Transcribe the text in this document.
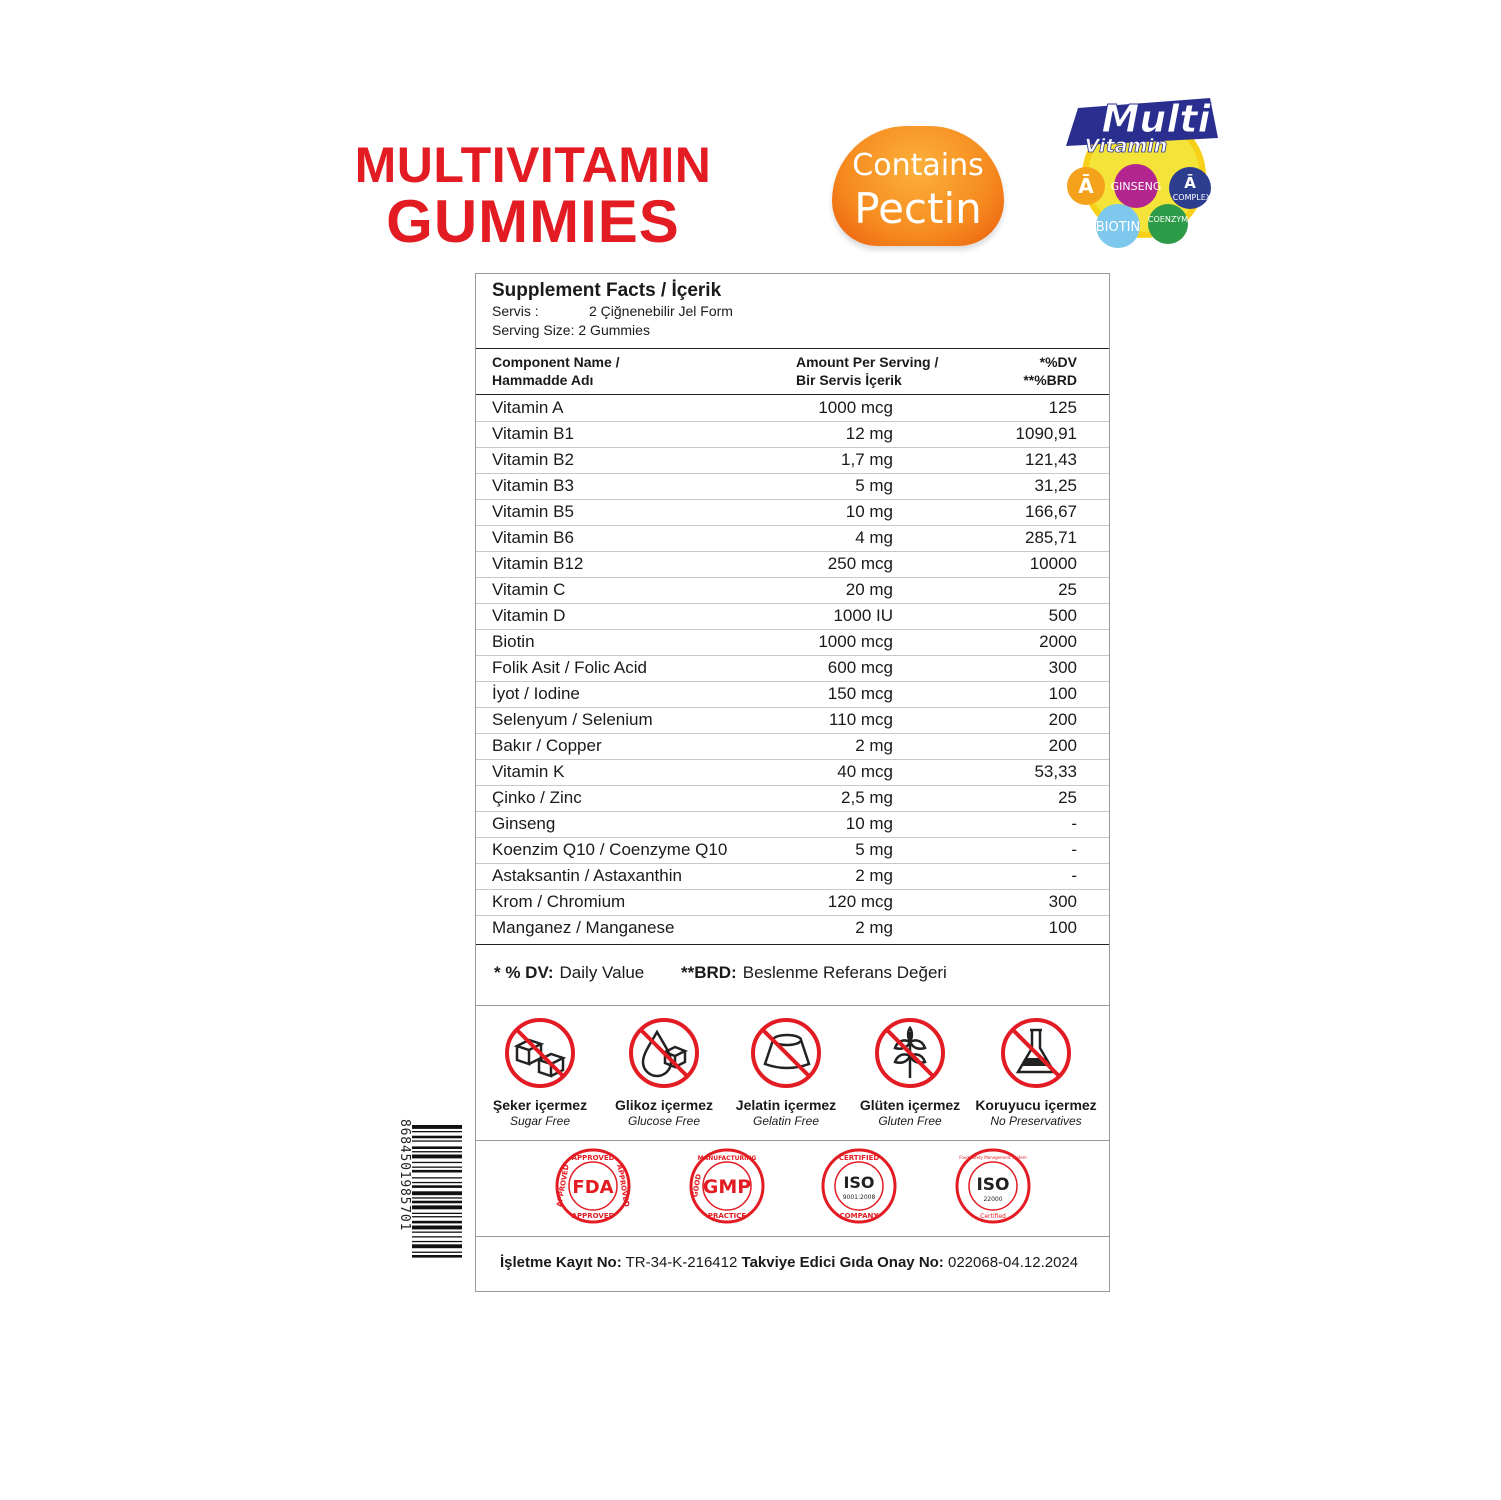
MULTIVITAMIN
GUMMIES
Contains
Pectin
Multi
Vitamin
Ā GINSENG Ā
COMPLEX
BIOTIN
COENZYM
Supplement Facts / İçerik
Servis :	2 Çiğnenebilir Jel Form
Serving Size: 2 Gummies
Component Name /
Hammadde Adı
Amount Per Serving /
Bir Servis İçerik
*%DV
**%BRD
Vitamin A	1000 mcg	125
Vitamin B1	12 mg	1090,91
Vitamin B2	1,7 mg	121,43
Vitamin B3	5 mg	31,25
Vitamin B5	10 mg	166,67
Vitamin B6	4 mg	285,71
Vitamin B12	250 mcg	10000
Vitamin C	20 mg	25
Vitamin D	1000 IU	500
Biotin	1000 mcg	2000
Folik Asit / Folic Acid	600 mcg	300
İyot / Iodine	150 mcg	100
Selenyum / Selenium	110 mcg	200
Bakır / Copper	2 mg	200
Vitamin K	40 mcg	53,33
Çinko / Zinc	2,5 mg	25
Ginseng	10 mg	-
Koenzim Q10 / Coenzyme Q10	5 mg	-
Astaksantin / Astaxanthin	2 mg	-
Krom / Chromium	120 mcg	300
Manganez / Manganese	2 mg	100
* % DV: Daily Value **BRD: Beslenme Referans Değeri
Şeker içermez
Sugar Free
Glikoz içermez
Glucose Free
Jelatin içermez
Gelatin Free
Glüten içermez
Gluten Free
Koruyucu içermez
No Preservatives
FDA
APPROVED
APPROVED	APPROVED
APPROVED
GMP
MANUFACTURING
GOOD
PRACTICE
ISO
9001:2008
CERTIFIED
COMPANY
ISO
22000
Food Safety Management System
Certified
İşletme Kayıt No: TR-34-K-216412 Takviye Edici Gıda Onay No: 022068-04.12.2024
8684501985701
